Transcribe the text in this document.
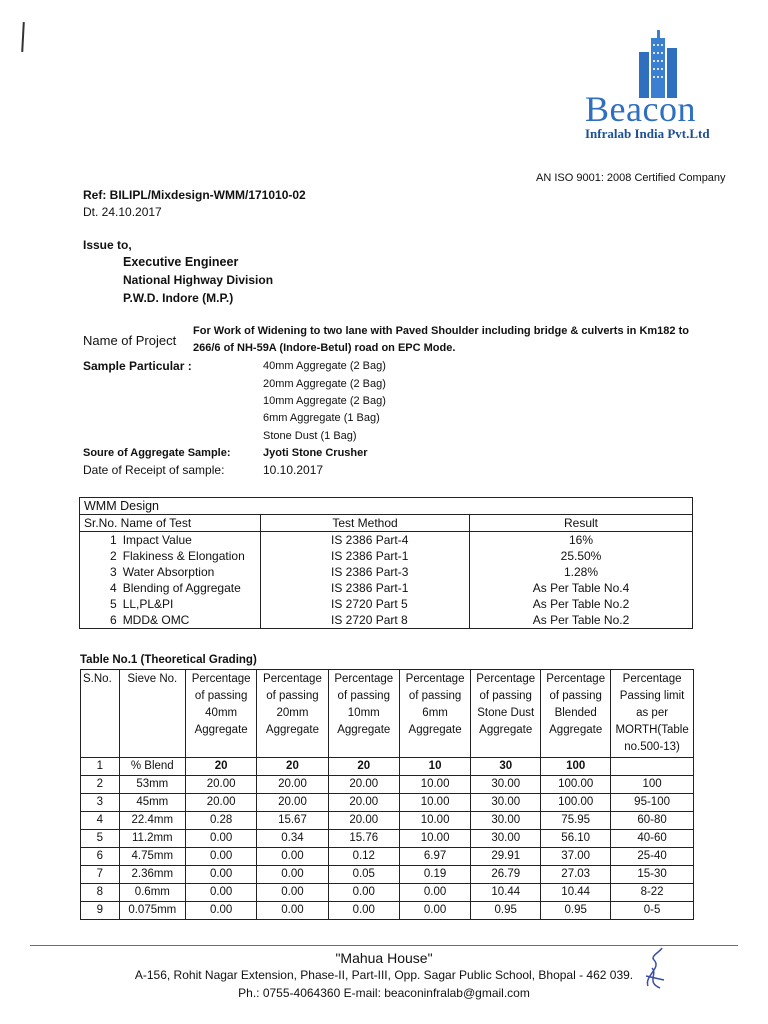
Beacon
Infralab India Pvt.Ltd
AN ISO 9001: 2008 Certified Company
Ref: BILIPL/Mixdesign-WMM/171010-02
Dt. 24.10.2017
Issue to,
Executive Engineer
National Highway Division
P.W.D. Indore (M.P.)
Name of Project
For Work of Widening to two lane with Paved Shoulder including bridge & culverts in Km182 to
266/6 of NH-59A (Indore-Betul) road on EPC Mode.
Sample Particular :	40mm Aggregate (2 Bag)
20mm Aggregate (2 Bag)
10mm Aggregate (2 Bag)
6mm Aggregate (1 Bag)
Stone Dust (1 Bag)
Soure of Aggregate Sample:	Jyoti Stone Crusher
Date of Receipt of sample:	10.10.2017
WMM Design		
Sr.No. Name of Test	Test Method	Result
1 Impact Value	IS 2386 Part-4	16%
2 Flakiness & Elongation	IS 2386 Part-1	25.50%
3 Water Absorption	IS 2386 Part-3	1.28%
4 Blending of Aggregate	IS 2386 Part-1	As Per Table No.4
5 LL,PL&PI	IS 2720 Part 5	As Per Table No.2
6 MDD& OMC	IS 2720 Part 8	As Per Table No.2
Table No.1 (Theoretical Grading)
S.No.	Sieve No.	Percentage of passing 40mm Aggregate	Percentage of passing 20mm Aggregate	Percentage of passing 10mm Aggregate	Percentage of passing 6mm Aggregate	Percentage of passing Stone Dust Aggregate	Percentage of passing Blended Aggregate	Percentage Passing limit as per MORTH(Table no.500-13)
1	% Blend	20	20	20	10	30	100	
2	53mm	20.00	20.00	20.00	10.00	30.00	100.00	100
3	45mm	20.00	20.00	20.00	10.00	30.00	100.00	95-100
4	22.4mm	0.28	15.67	20.00	10.00	30.00	75.95	60-80
5	11.2mm	0.00	0.34	15.76	10.00	30.00	56.10	40-60
6	4.75mm	0.00	0.00	0.12	6.97	29.91	37.00	25-40
7	2.36mm	0.00	0.00	0.05	0.19	26.79	27.03	15-30
8	0.6mm	0.00	0.00	0.00	0.00	10.44	10.44	8-22
9	0.075mm	0.00	0.00	0.00	0.00	0.95	0.95	0-5
"Mahua House"
A-156, Rohit Nagar Extension, Phase-II, Part-III, Opp. Sagar Public School, Bhopal - 462 039.
Ph.: 0755-4064360 E-mail: beaconinfralab@gmail.com
